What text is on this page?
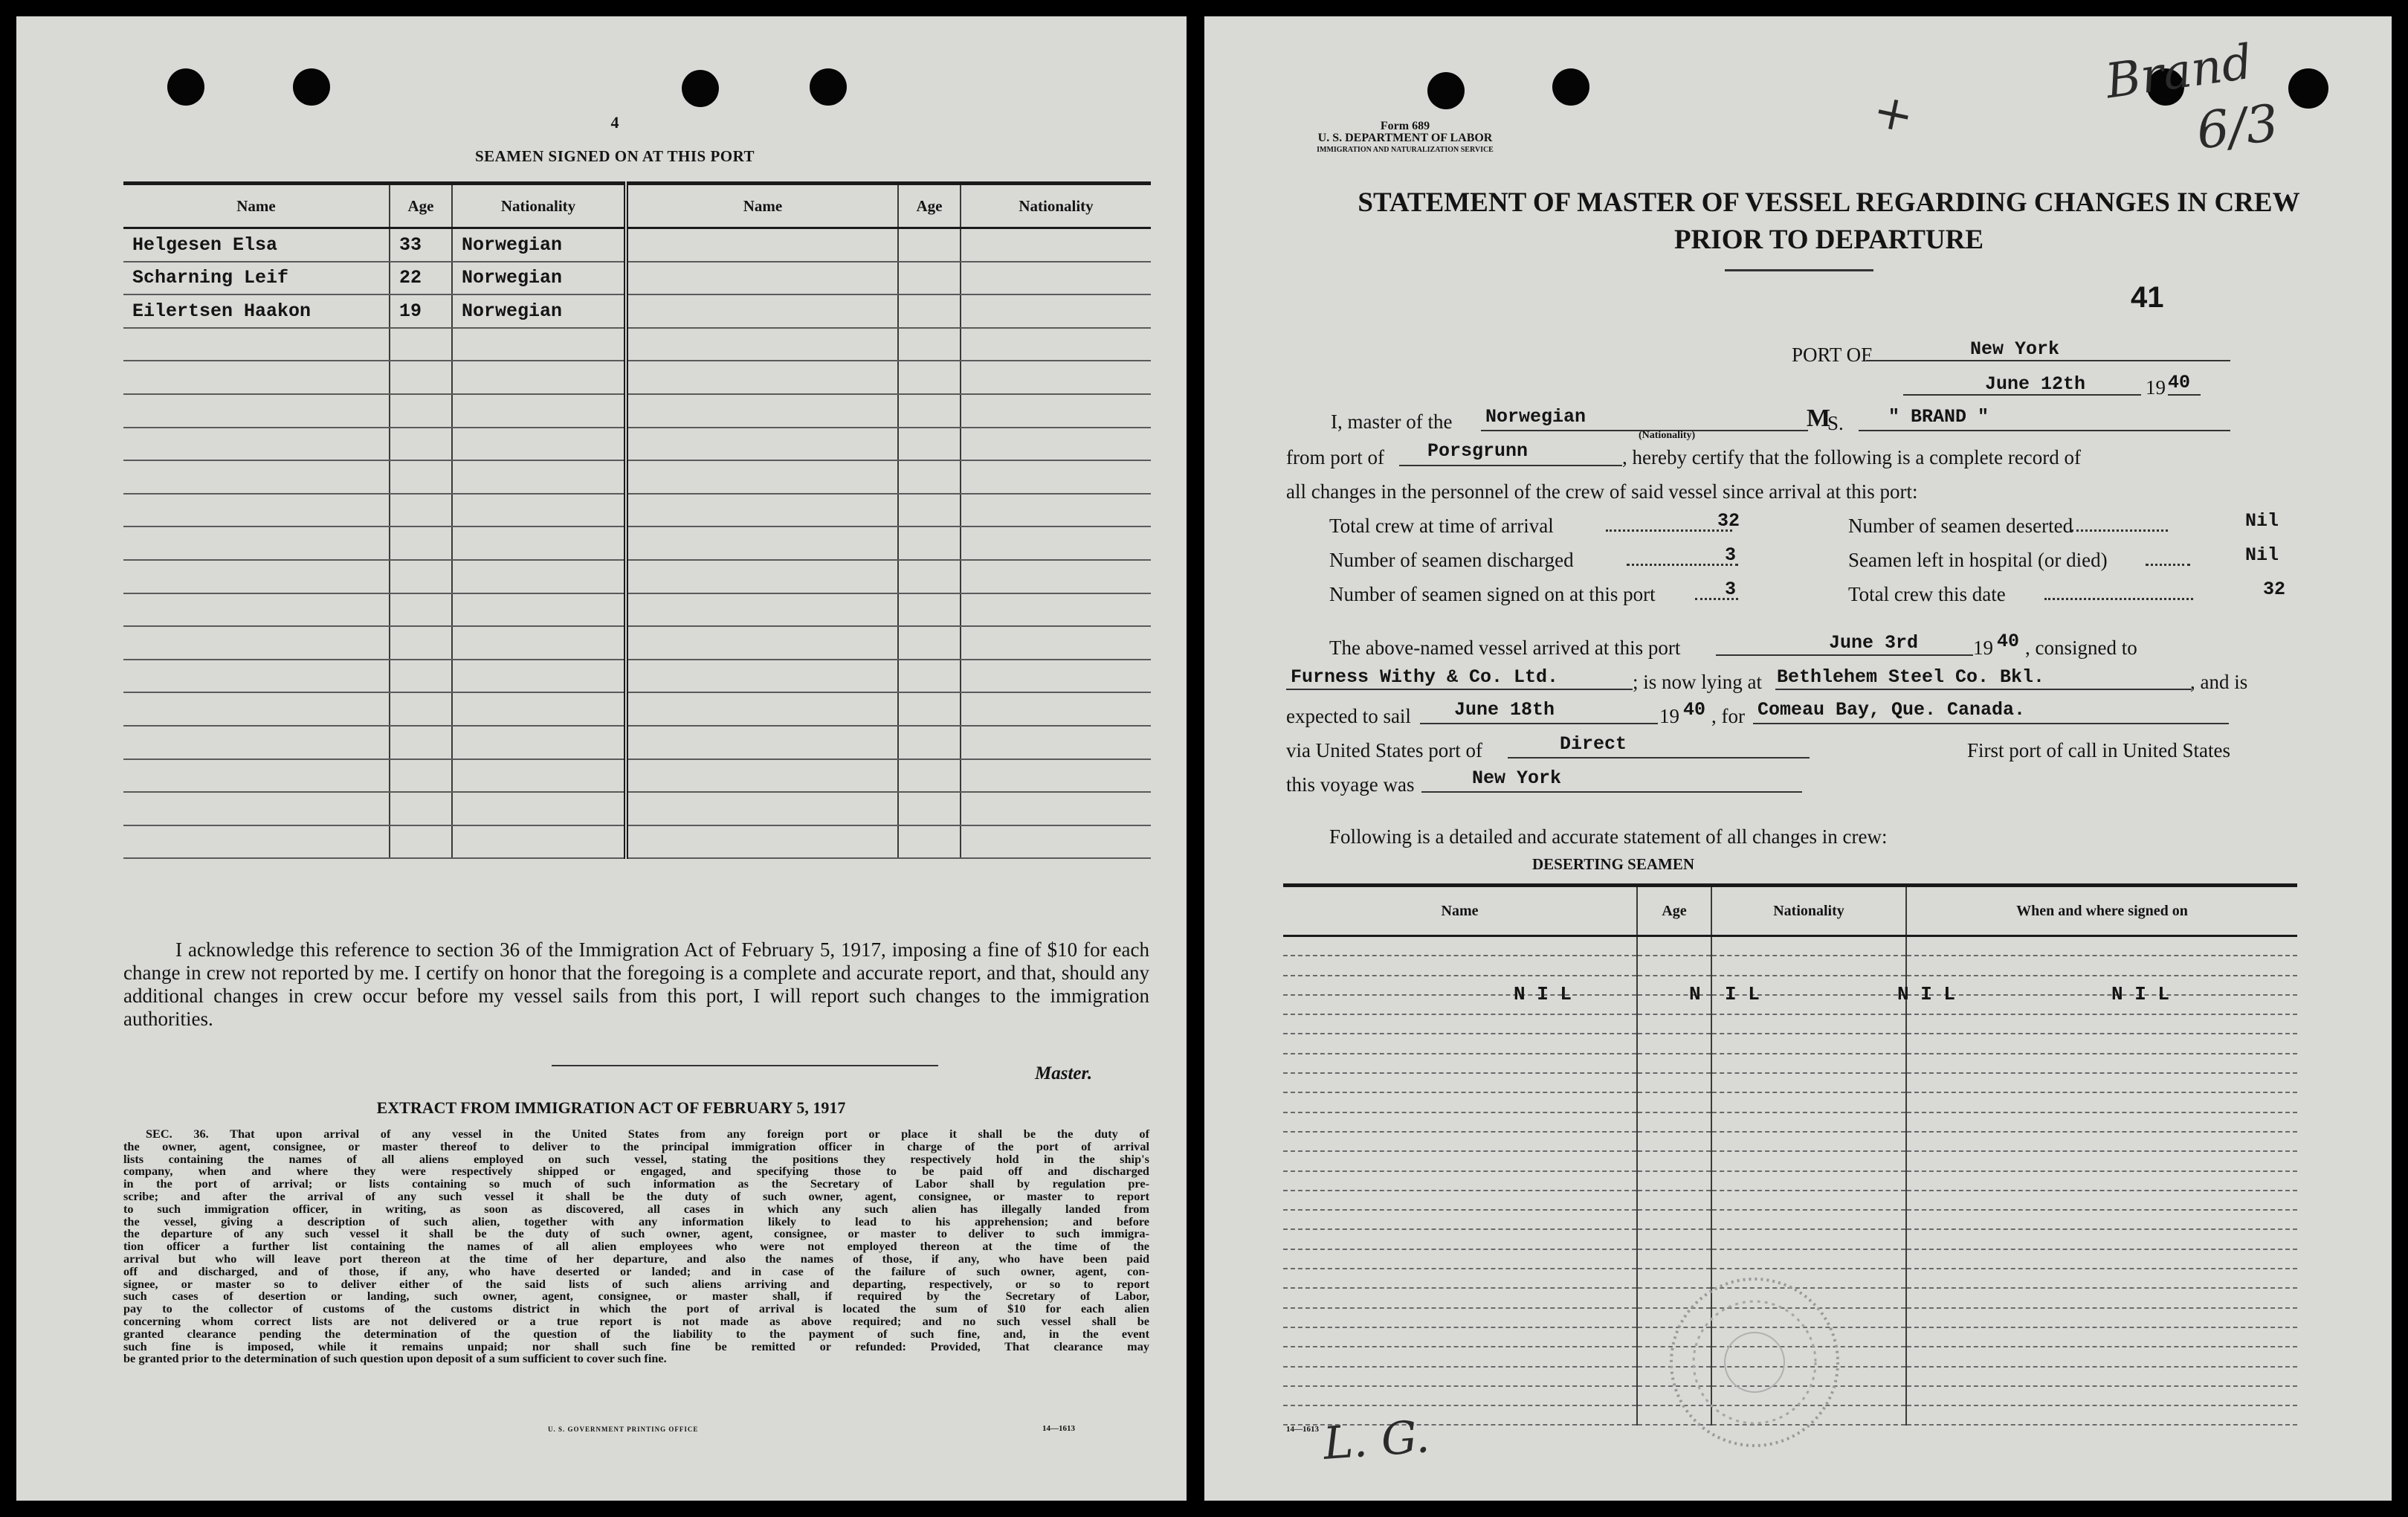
4
SEAMEN SIGNED ON AT THIS PORT
Name	Age	Nationality	Name	Age	Nationality
Helgesen Elsa	33	Norwegian			
Scharning Leif	22	Norwegian			
Eilertsen Haakon	19	Norwegian			

I acknowledge this reference to section 36 of the Immigration Act of February 5, 1917, imposing a fine of $10 for each change in crew not reported by me. I certify on honor that the foregoing is a complete and accurate report, and that, should any additional changes in crew occur before my vessel sails from this port, I will report such changes to the immigration authorities.
Master.
EXTRACT FROM IMMIGRATION ACT OF FEBRUARY 5, 1917
SEC. 36. That upon arrival of any vessel in the United States from any foreign port or place it shall be the duty of
the owner, agent, consignee, or master thereof to deliver to the principal immigration officer in charge of the port of arrival
lists containing the names of all aliens employed on such vessel, stating the positions they respectively hold in the ship's
company, when and where they were respectively shipped or engaged, and specifying those to be paid off and discharged
in the port of arrival; or lists containing so much of such information as the Secretary of Labor shall by regulation pre-
scribe; and after the arrival of any such vessel it shall be the duty of such owner, agent, consignee, or master to report
to such immigration officer, in writing, as soon as discovered, all cases in which any such alien has illegally landed from
the vessel, giving a description of such alien, together with any information likely to lead to his apprehension; and before
the departure of any such vessel it shall be the duty of such owner, agent, consignee, or master to deliver to such immigra-
tion officer a further list containing the names of all alien employees who were not employed thereon at the time of the
arrival but who will leave port thereon at the time of her departure, and also the names of those, if any, who have been paid
off and discharged, and of those, if any, who have deserted or landed; and in case of the failure of such owner, agent, con-
signee, or master so to deliver either of the said lists of such aliens arriving and departing, respectively, or so to report
such cases of desertion or landing, such owner, agent, consignee, or master shall, if required by the Secretary of Labor,
pay to the collector of customs of the customs district in which the port of arrival is located the sum of $10 for each alien
concerning whom correct lists are not delivered or a true report is not made as above required; and no such vessel shall be
granted clearance pending the determination of the question of the liability to the payment of such fine, and, in the event
such fine is imposed, while it remains unpaid; nor shall such fine be remitted or refunded: Provided, That clearance may
be granted prior to the determination of such question upon deposit of a sum sufficient to cover such fine.
U. S. GOVERNMENT PRINTING OFFICE	14—1613
Brand
6/3
+
Form 689
U. S. DEPARTMENT OF LABOR
IMMIGRATION AND NATURALIZATION SERVICE
STATEMENT OF MASTER OF VESSEL REGARDING CHANGES IN CREW
PRIOR TO DEPARTURE
41
PORT OF	New York
June 12th	19 40
I, master of the Norwegian
(Nationality)
M
S. " BRAND "
from port of Porsgrunn	, hereby certify that the following is a complete record of
all changes in the personnel of the crew of said vessel since arrival at this port:
Total crew at time of arrival	32
Number of seamen discharged	3
Number of seamen signed on at this port	3
Number of seamen deserted	Nil
Seamen left in hospital (or died)	Nil
Total crew this date	32
The above-named vessel arrived at this port	June 3rd	19 40 , consigned to
Furness Withy & Co. Ltd.	; is now lying at Bethlehem Steel Co. Bkl.	, and is
expected to sail June 18th	19 40 , for Comeau Bay, Que. Canada.
via United States port of	Direct	First port of call in United States
this voyage was	New York
Following is a detailed and accurate statement of all changes in crew:
DESERTING SEAMEN
Name	Age	Nationality	When and where signed on

N I L	N I L	N I L	N I L
14—1613 L. G.
